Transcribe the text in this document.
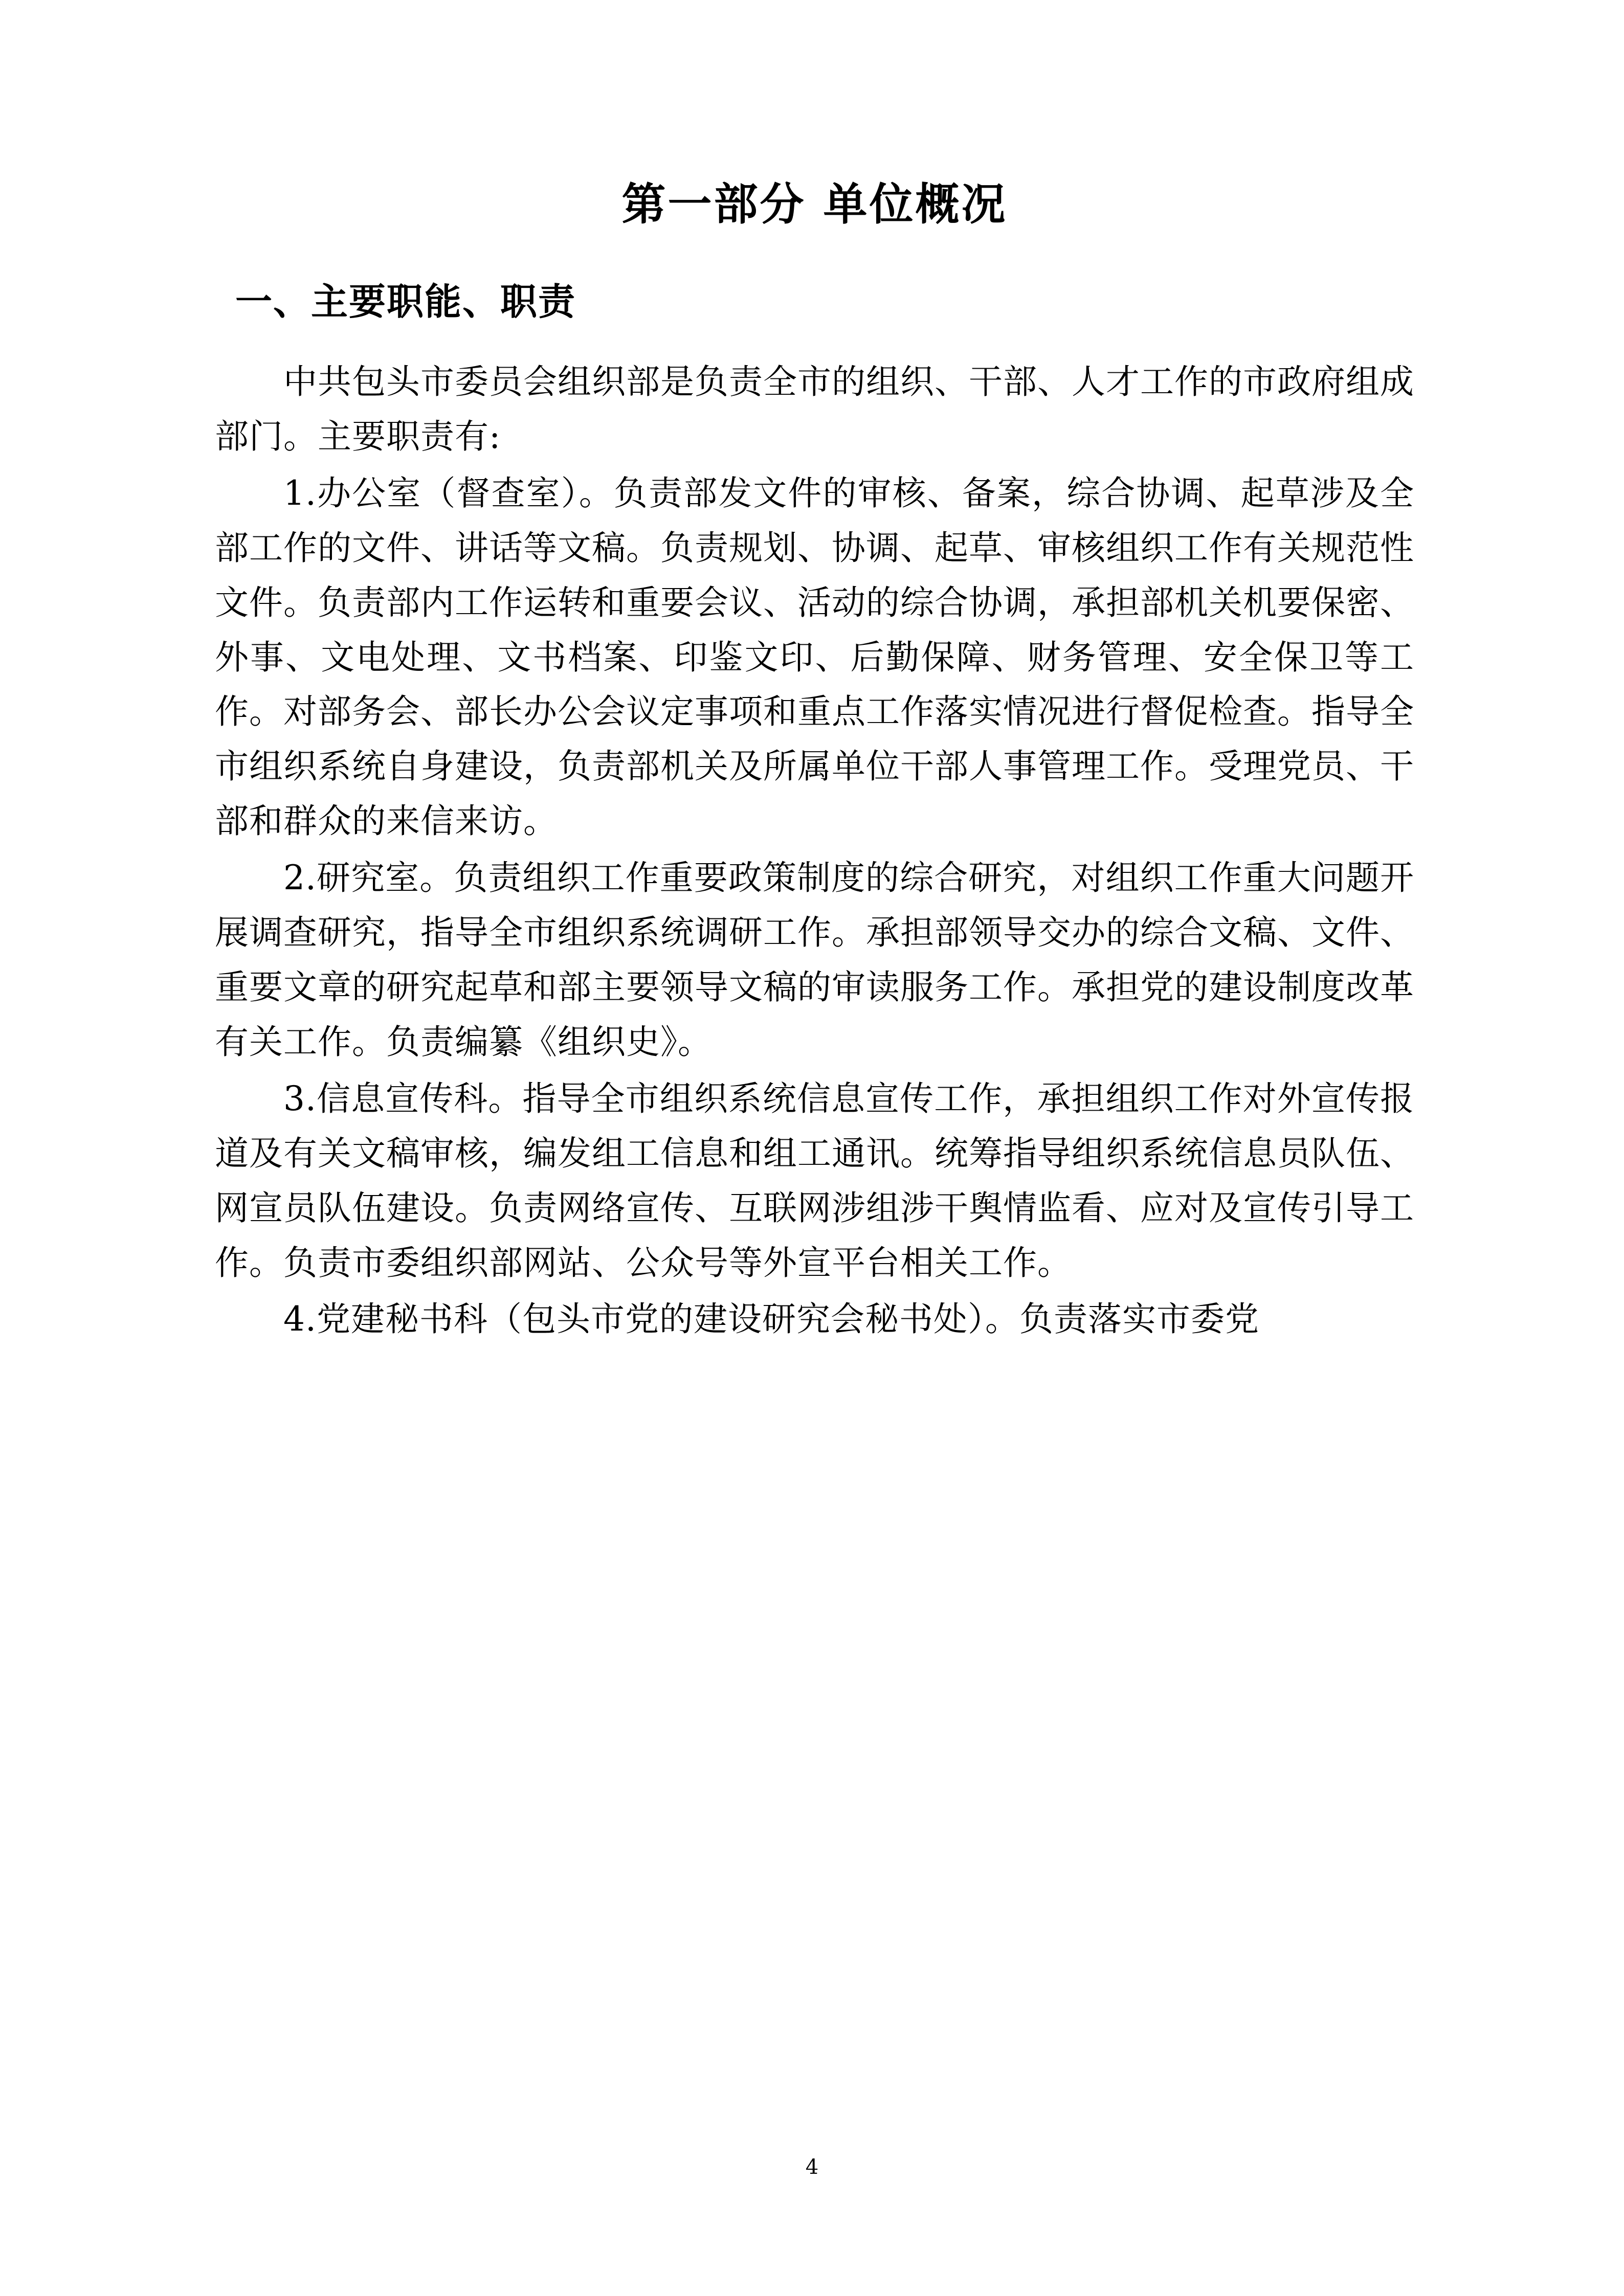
第一部分 单位概况
一、主要职能、职责

中共包头市委员会组织部是负责全市的组织、干部、人才工作的市政府组成部门。主要职责有:

1.办公室（督查室）。负责部发文件的审核、备案，综合协调、起草涉及全部工作的文件、讲话等文稿。负责规划、协调、起草、审核组织工作有关规范性文件。负责部内工作运转和重要会议、活动的综合协调，承担部机关机要保密、外事、文电处理、文书档案、印鉴文印、后勤保障、财务管理、安全保卫等工作。对部务会、部长办公会议定事项和重点工作落实情况进行督促检查。指导全市组织系统自身建设，负责部机关及所属单位干部人事管理工作。受理党员、干部和群众的来信来访。

2.研究室。负责组织工作重要政策制度的综合研究，对组织工作重大问题开展调查研究，指导全市组织系统调研工作。承担部领导交办的综合文稿、文件、重要文章的研究起草和部主要领导文稿的审读服务工作。承担党的建设制度改革有关工作。负责编纂《组织史》。

3.信息宣传科。指导全市组织系统信息宣传工作，承担组织工作对外宣传报道及有关文稿审核，编发组工信息和组工通讯。统筹指导组织系统信息员队伍、网宣员队伍建设。负责网络宣传、互联网涉组涉干舆情监看、应对及宣传引导工作。负责市委组织部网站、公众号等外宣平台相关工作。

4.党建秘书科（包头市党的建设研究会秘书处）。负责落实市委党

4
